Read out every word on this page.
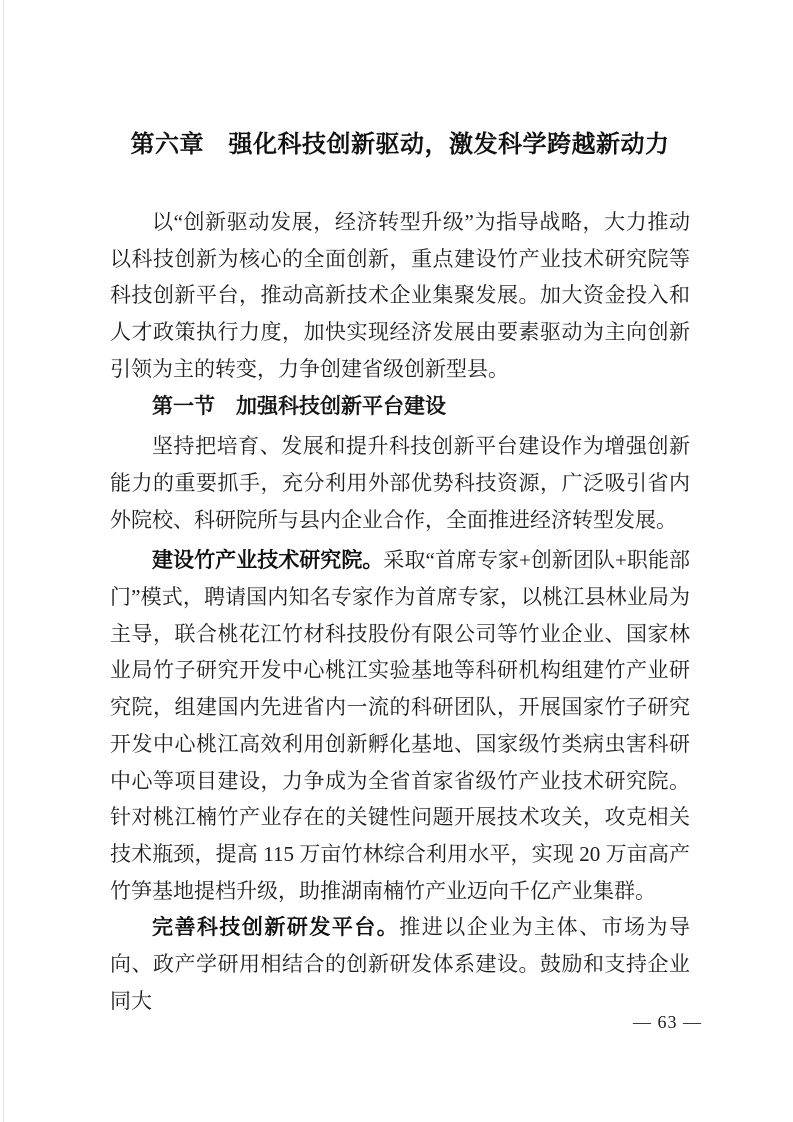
第六章　强化科技创新驱动，激发科学跨越新动力

以“创新驱动发展，经济转型升级”为指导战略，大力推动以科技创新为核心的全面创新，重点建设竹产业技术研究院等科技创新平台，推动高新技术企业集聚发展。加大资金投入和人才政策执行力度，加快实现经济发展由要素驱动为主向创新引领为主的转变，力争创建省级创新型县。

第一节　加强科技创新平台建设

坚持把培育、发展和提升科技创新平台建设作为增强创新能力的重要抓手，充分利用外部优势科技资源，广泛吸引省内外院校、科研院所与县内企业合作，全面推进经济转型发展。

建设竹产业技术研究院。采取“首席专家+创新团队+职能部门”模式，聘请国内知名专家作为首席专家，以桃江县林业局为主导，联合桃花江竹材科技股份有限公司等竹业企业、国家林业局竹子研究开发中心桃江实验基地等科研机构组建竹产业研究院，组建国内先进省内一流的科研团队，开展国家竹子研究开发中心桃江高效利用创新孵化基地、国家级竹类病虫害科研中心等项目建设，力争成为全省首家省级竹产业技术研究院。针对桃江楠竹产业存在的关键性问题开展技术攻关，攻克相关技术瓶颈，提高 115 万亩竹林综合利用水平，实现 20 万亩高产竹笋基地提档升级，助推湖南楠竹产业迈向千亿产业集群。

完善科技创新研发平台。推进以企业为主体、市场为导向、政产学研用相结合的创新研发体系建设。鼓励和支持企业同大

— 63 —
